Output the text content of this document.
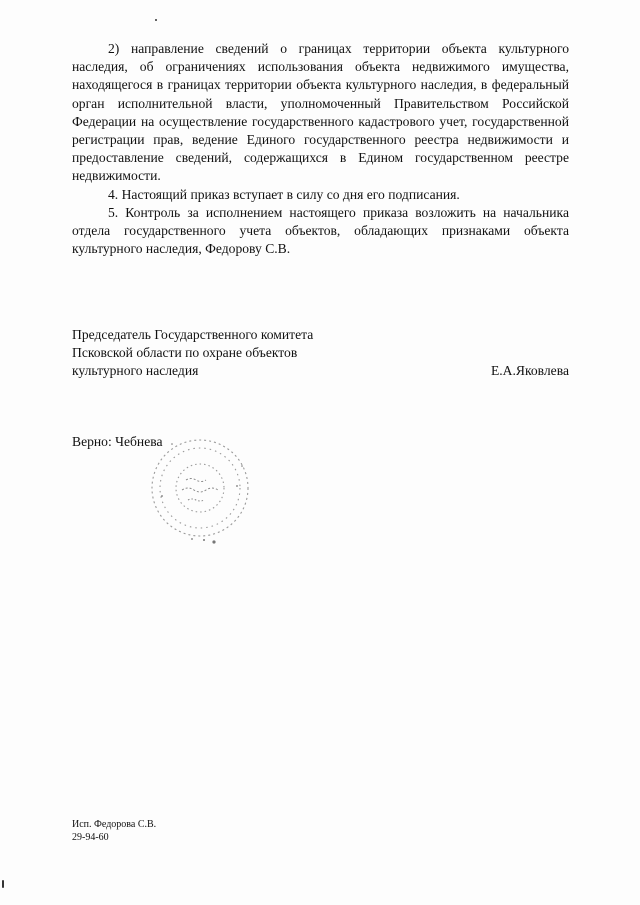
2) направление сведений о границах территории объекта культурного наследия, об ограничениях использования объекта недвижимого имущества, находящегося в границах территории объекта культурного наследия, в федеральный орган исполнительной власти, уполномоченный Правительством Российской Федерации на осуществление государственного кадастрового учет, государственной регистрации прав, ведение Единого государственного реестра недвижимости и предоставление сведений, содержащихся в Едином государственном реестре недвижимости.

4. Настоящий приказ вступает в силу со дня его подписания.

5. Контроль за исполнением настоящего приказа возложить на начальника отдела государственного учета объектов, обладающих признаками объекта культурного наследия, Федорову С.В.

Председатель Государственного комитета
Псковской области по охране объектов
культурного наследия	Е.А.Яковлева
Верно: Чебнева
Исп. Федорова С.В.
29-94-60
